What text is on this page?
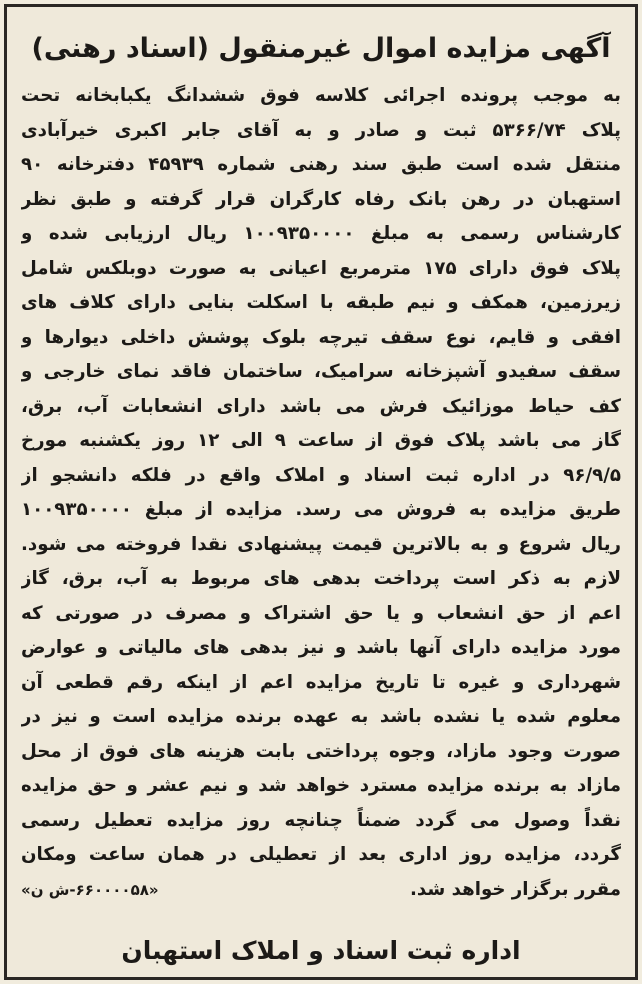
آگهی مزایده اموال غیرمنقول (اسناد رهنی)
به موجب پرونده اجرائی کلاسه فوق ششدانگ یکبابخانه تحت
پلاک ۵۳۶۶/۷۴ ثبت و صادر و به آقای جابر اکبری خیرآبادی
منتقل شده است طبق سند رهنی شماره ۴۵۹۳۹ دفترخانه ۹۰
استهبان در رهن بانک رفاه کارگران قرار گرفته و طبق نظر
کارشناس رسمی به مبلغ ۱۰۰۹۳۵۰۰۰۰ ریال ارزیابی شده و
پلاک فوق دارای ۱۷۵ مترمربع اعیانی به صورت دوبلکس شامل
زیرزمین، همکف و نیم طبقه با اسکلت بنایی دارای کلاف های
افقی و قایم، نوع سقف تیرچه بلوک پوشش داخلی دیوارها و
سقف سفیدو آشپزخانه سرامیک، ساختمان فاقد نمای خارجی و
کف حیاط موزائیک فرش می باشد دارای انشعابات آب، برق،
گاز می باشد پلاک فوق از ساعت ۹ الی ۱۲ روز یکشنبه مورخ
۹۶/۹/۵ در اداره ثبت اسناد و املاک واقع در فلکه دانشجو از
طریق مزایده به فروش می رسد. مزایده از مبلغ ۱۰۰۹۳۵۰۰۰۰
ریال شروع و به بالاترین قیمت پیشنهادی نقدا فروخته می شود.
لازم به ذکر است پرداخت بدهی های مربوط به آب، برق، گاز
اعم از حق انشعاب و یا حق اشتراک و مصرف در صورتی که
مورد مزایده دارای آنها باشد و نیز بدهی های مالیاتی و عوارض
شهرداری و غیره تا تاریخ مزایده اعم از اینکه رقم قطعی آن
معلوم شده یا نشده باشد به عهده برنده مزایده است و نیز در
صورت وجود مازاد، وجوه پرداختی بابت هزینه های فوق از محل
مازاد به برنده مزایده مسترد خواهد شد و نیم عشر و حق مزایده
نقداً وصول می گردد ضمناً چنانچه روز مزایده تعطیل رسمی
گردد، مزایده روز اداری بعد از تعطیلی در همان ساعت ومکان
مقرر برگزار خواهد شد.
«۶۶۰۰۰۰۵۸-ش ن»
اداره ثبت اسناد و املاک استهبان
